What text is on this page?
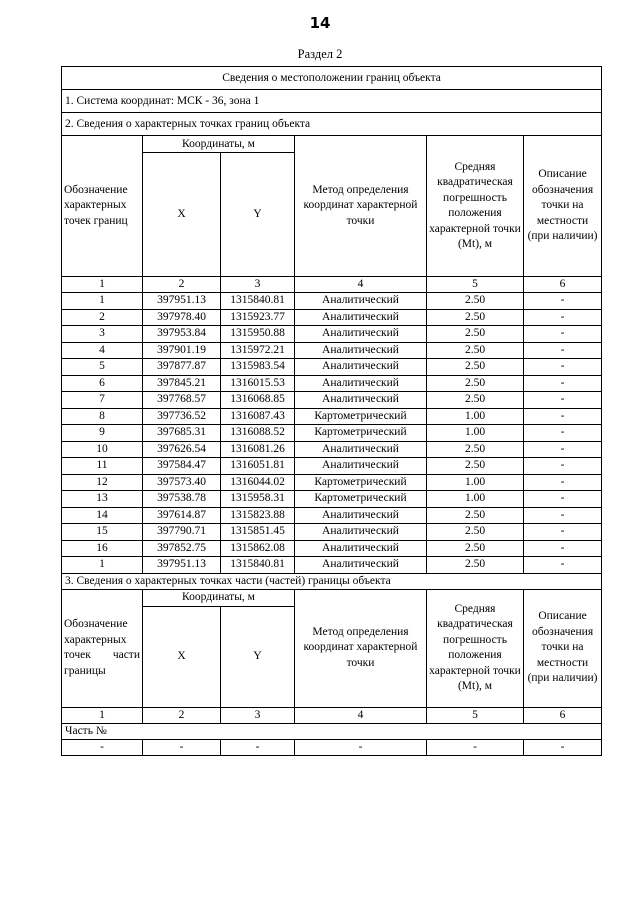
14
Раздел 2
Сведения о местоположении границ объекта					
1. Система координат: МСК - 36, зона 1					
2. Сведения о характерных точках границ объекта					
Обозначение характерных точек границ	Координаты, м		Метод определения координат характерной точки	Средняя квадратическая погрешность положения характерной точки (Mt), м	Описание обозначения точки на местности (при наличии)
	X	Y			
1	2	3	4	5	6
1	397951.13	1315840.81	Аналитический	2.50	-
2	397978.40	1315923.77	Аналитический	2.50	-
3	397953.84	1315950.88	Аналитический	2.50	-
4	397901.19	1315972.21	Аналитический	2.50	-
5	397877.87	1315983.54	Аналитический	2.50	-
6	397845.21	1316015.53	Аналитический	2.50	-
7	397768.57	1316068.85	Аналитический	2.50	-
8	397736.52	1316087.43	Картометрический	1.00	-
9	397685.31	1316088.52	Картометрический	1.00	-
10	397626.54	1316081.26	Аналитический	2.50	-
11	397584.47	1316051.81	Аналитический	2.50	-
12	397573.40	1316044.02	Картометрический	1.00	-
13	397538.78	1315958.31	Картометрический	1.00	-
14	397614.87	1315823.88	Аналитический	2.50	-
15	397790.71	1315851.45	Аналитический	2.50	-
16	397852.75	1315862.08	Аналитический	2.50	-
1	397951.13	1315840.81	Аналитический	2.50	-
3. Сведения о характерных точках части (частей) границы объекта					
Обозначение характерных точек части границы	Координаты, м		Метод определения координат характерной точки	Средняя квадратическая погрешность положения характерной точки (Mt), м	Описание обозначения точки на местности (при наличии)
	X	Y			
1	2	3	4	5	6
Часть №					
-	-	-	-	-	-
